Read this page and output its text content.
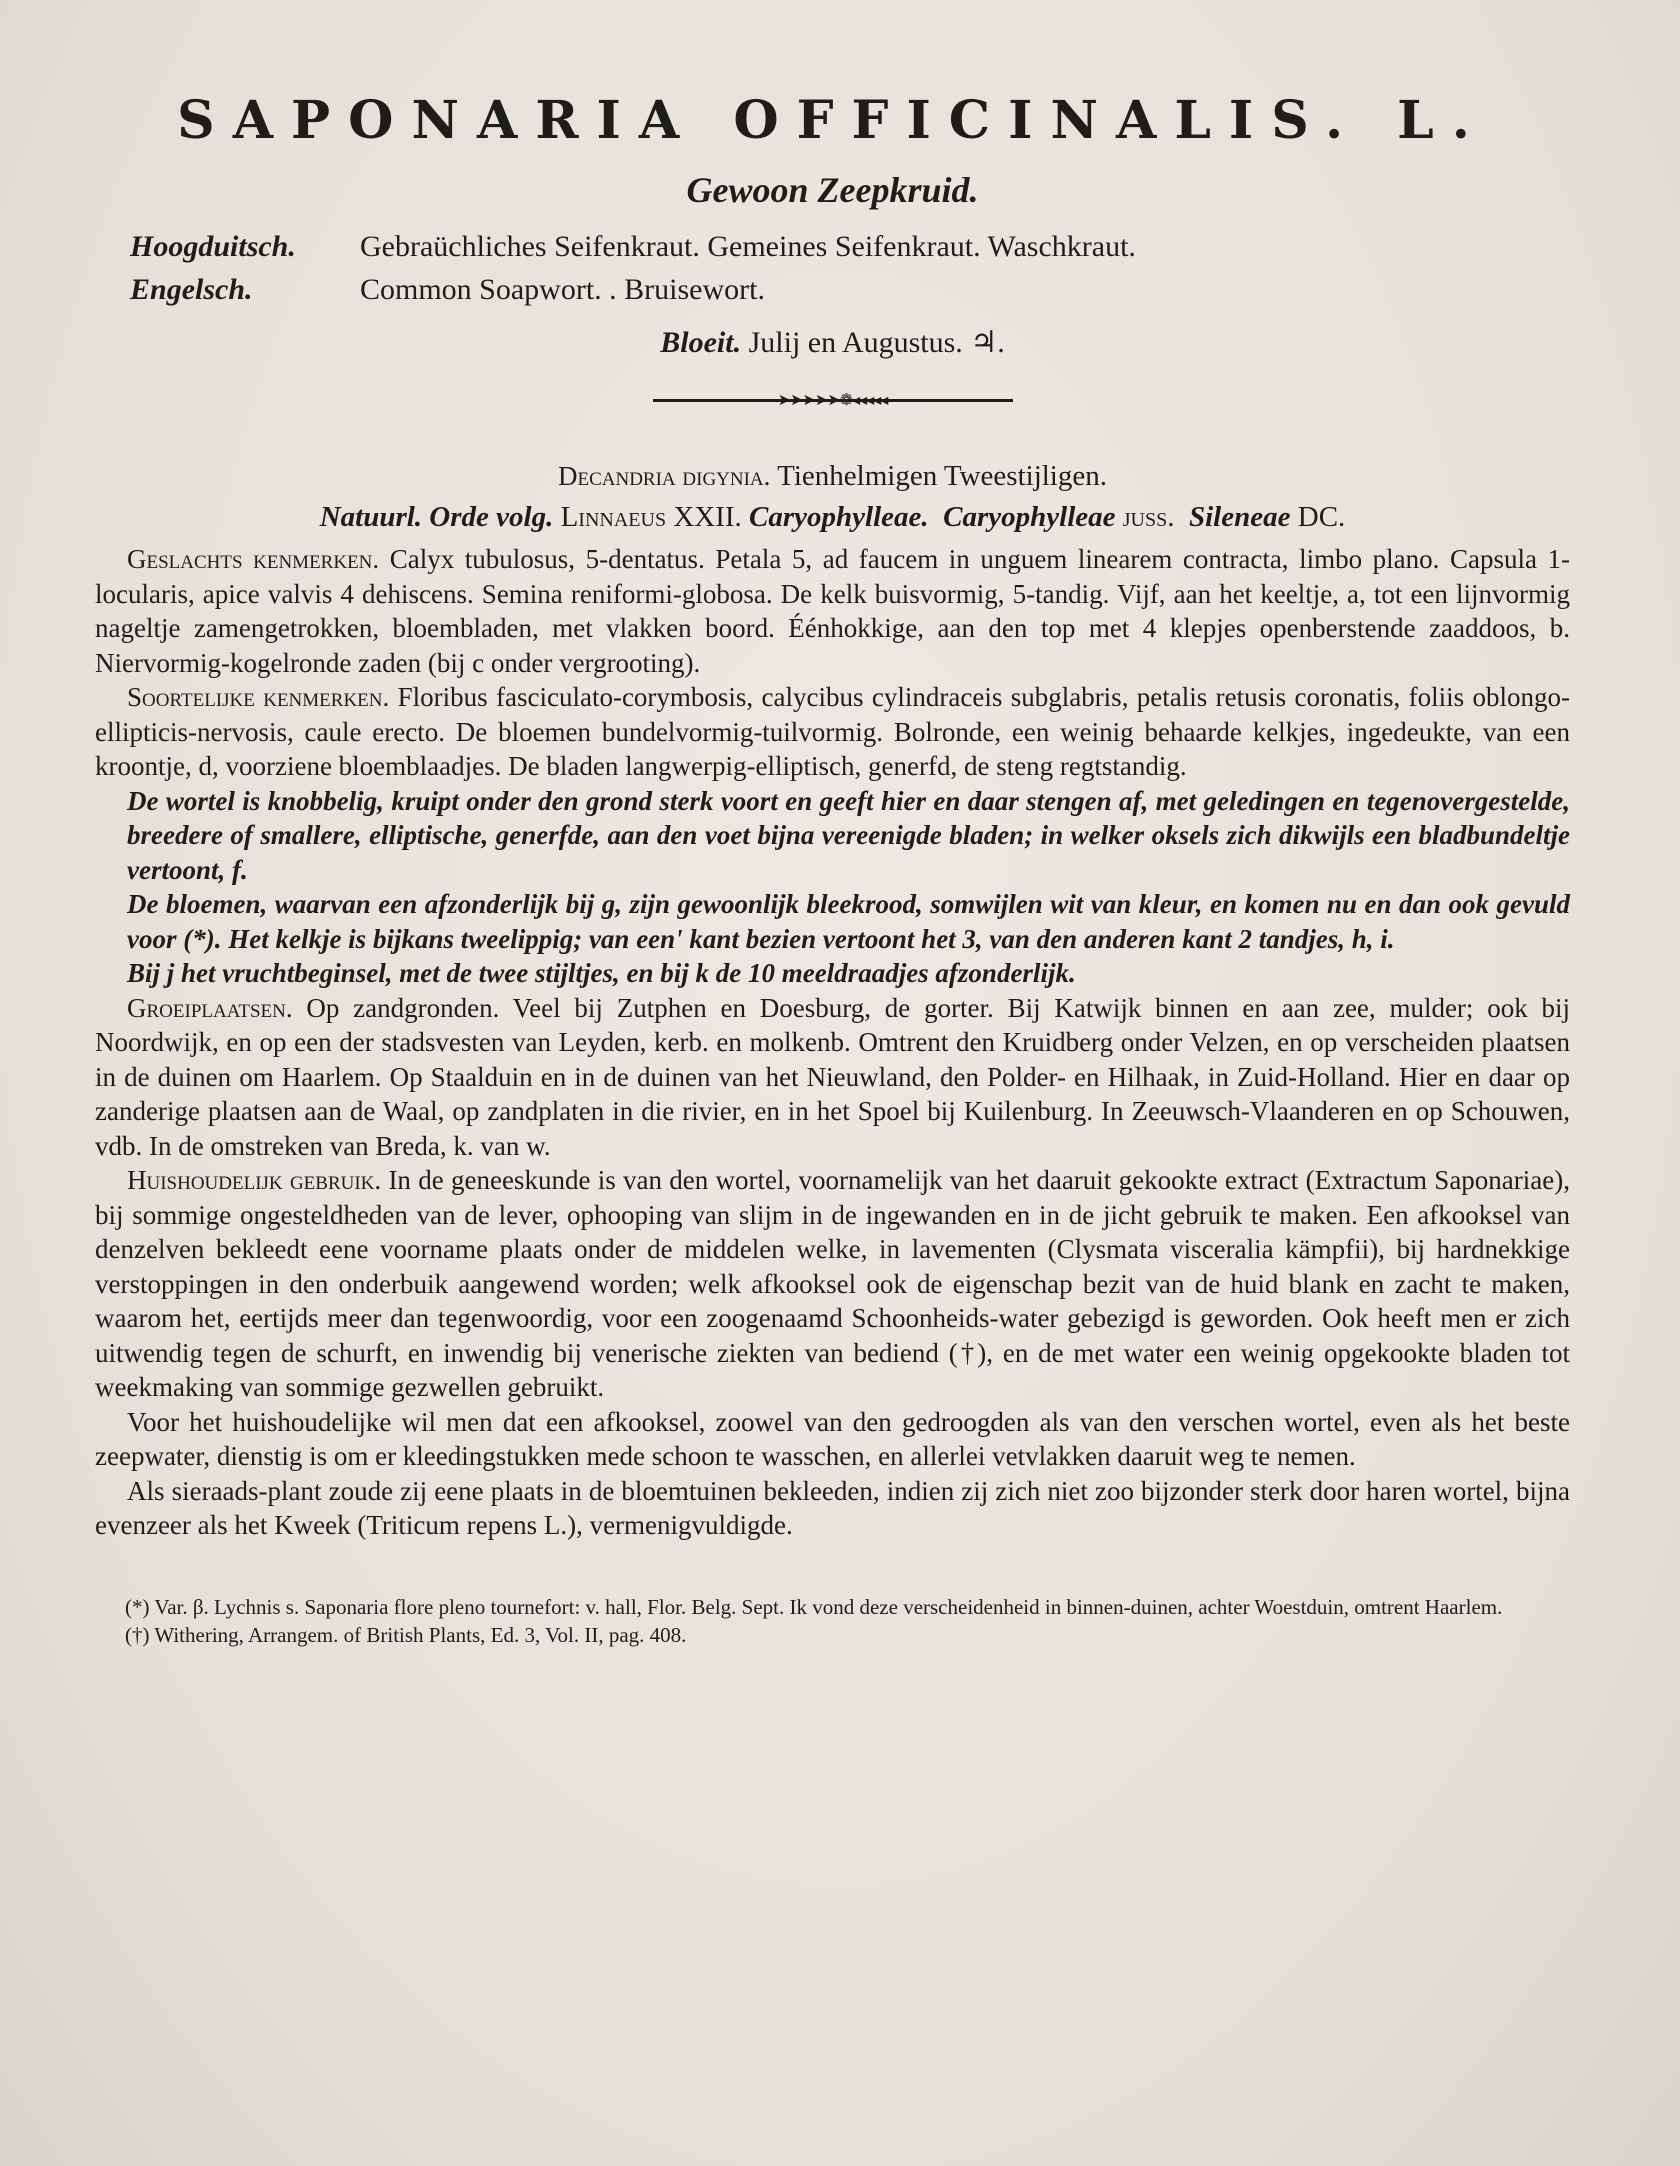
SAPONARIA OFFICINALIS. L.
Gewoon Zeepkruid.
Hoogduitsch.	Gebraüchliches Seifenkraut. Gemeines Seifenkraut. Waschkraut.
Engelsch.	Common Soapwort. . Bruisewort.
Bloeit. Julij en Augustus. ♃.
➤➤➤➤➤❁◂◂◂◂◂
Decandria digynia. Tienhelmigen Tweestijligen.
Natuurl. Orde volg. Linnaeus XXII. Caryophylleae. Caryophylleae juss. Sileneae DC.

Geslachts kenmerken. Calyx tubulosus, 5-dentatus. Petala 5, ad faucem in unguem linearem contracta, limbo plano. Capsula 1-locularis, apice valvis 4 dehiscens. Semina reniformi-globosa. De kelk buisvormig, 5-tandig. Vijf, aan het keeltje, a, tot een lijnvormig nageltje zamengetrokken, bloembladen, met vlakken boord. Éénhokkige, aan den top met 4 klepjes openberstende zaaddoos, b. Niervormig-kogelronde zaden (bij c onder vergrooting).

Soortelijke kenmerken. Floribus fasciculato-corymbosis, calycibus cylindraceis subglabris, petalis retusis coronatis, foliis oblongo-ellipticis-nervosis, caule erecto. De bloemen bundelvormig-tuilvormig. Bolronde, een weinig behaarde kelkjes, ingedeukte, van een kroontje, d, voorziene bloemblaadjes. De bladen langwerpig-elliptisch, generfd, de steng regtstandig.

De wortel is knobbelig, kruipt onder den grond sterk voort en geeft hier en daar stengen af, met geledingen en tegenovergestelde, breedere of smallere, elliptische, generfde, aan den voet bijna vereenigde bladen; in welker oksels zich dikwijls een bladbundeltje vertoont, f.

De bloemen, waarvan een afzonderlijk bij g, zijn gewoonlijk bleekrood, somwijlen wit van kleur, en komen nu en dan ook gevuld voor (*). Het kelkje is bijkans tweelippig; van een' kant bezien vertoont het 3, van den anderen kant 2 tandjes, h, i.

Bij j het vruchtbeginsel, met de twee stijltjes, en bij k de 10 meeldraadjes afzonderlijk.

Groeiplaatsen. Op zandgronden. Veel bij Zutphen en Doesburg, de gorter. Bij Katwijk binnen en aan zee, mulder; ook bij Noordwijk, en op een der stadsvesten van Leyden, kerb. en molkenb. Omtrent den Kruidberg onder Velzen, en op verscheiden plaatsen in de duinen om Haarlem. Op Staalduin en in de duinen van het Nieuwland, den Polder- en Hilhaak, in Zuid-Holland. Hier en daar op zanderige plaatsen aan de Waal, op zandplaten in die rivier, en in het Spoel bij Kuilenburg. In Zeeuwsch-Vlaanderen en op Schouwen, vdb. In de omstreken van Breda, k. van w.

Huishoudelijk gebruik. In de geneeskunde is van den wortel, voornamelijk van het daaruit gekookte extract (Extractum Saponariae), bij sommige ongesteldheden van de lever, ophooping van slijm in de ingewanden en in de jicht gebruik te maken. Een afkooksel van denzelven bekleedt eene voorname plaats onder de middelen welke, in lavementen (Clysmata visceralia kämpfii), bij hardnekkige verstoppingen in den onderbuik aangewend worden; welk afkooksel ook de eigenschap bezit van de huid blank en zacht te maken, waarom het, eertijds meer dan tegenwoordig, voor een zoogenaamd Schoonheids-water gebezigd is geworden. Ook heeft men er zich uitwendig tegen de schurft, en inwendig bij venerische ziekten van bediend (†), en de met water een weinig opgekookte bladen tot weekmaking van sommige gezwellen gebruikt.

Voor het huishoudelijke wil men dat een afkooksel, zoowel van den gedroogden als van den verschen wortel, even als het beste zeepwater, dienstig is om er kleedingstukken mede schoon te wasschen, en allerlei vetvlakken daaruit weg te nemen.

Als sieraads-plant zoude zij eene plaats in de bloemtuinen bekleeden, indien zij zich niet zoo bijzonder sterk door haren wortel, bijna evenzeer als het Kweek (Triticum repens L.), vermenigvuldigde.

(*) Var. β. Lychnis s. Saponaria flore pleno tournefort: v. hall, Flor. Belg. Sept. Ik vond deze verscheidenheid in binnen-duinen, achter Woestduin, omtrent Haarlem.

(†) Withering, Arrangem. of British Plants, Ed. 3, Vol. II, pag. 408.
